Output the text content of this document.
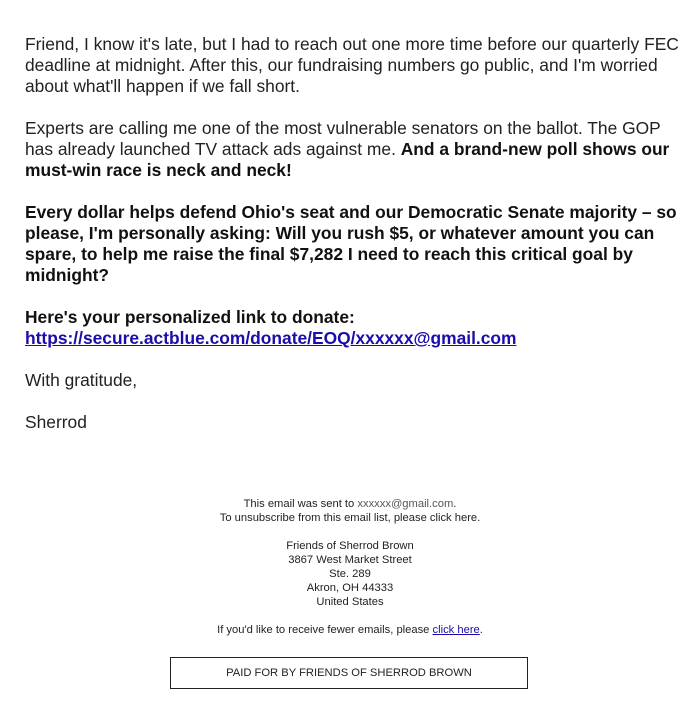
Friend, I know it's late, but I had to reach out one more time before our quarterly FEC deadline at midnight. After this, our fundraising numbers go public, and I'm worried about what'll happen if we fall short.

Experts are calling me one of the most vulnerable senators on the ballot. The GOP has already launched TV attack ads against me. And a brand-new poll shows our must-win race is neck and neck!

Every dollar helps defend Ohio's seat and our Democratic Senate majority – so please, I'm personally asking: Will you rush $5, or whatever amount you can spare, to help me raise the final $7,282 I need to reach this critical goal by midnight?

Here's your personalized link to donate:
https://secure.actblue.com/donate/EOQ/xxxxxx@gmail.com

With gratitude,

Sherrod

This email was sent to xxxxxx@gmail.com.
To unsubscribe from this email list, please click here.
Friends of Sherrod Brown
3867 West Market Street
Ste. 289
Akron, OH 44333
United States
If you'd like to receive fewer emails, please click here.
PAID FOR BY FRIENDS OF SHERROD BROWN
